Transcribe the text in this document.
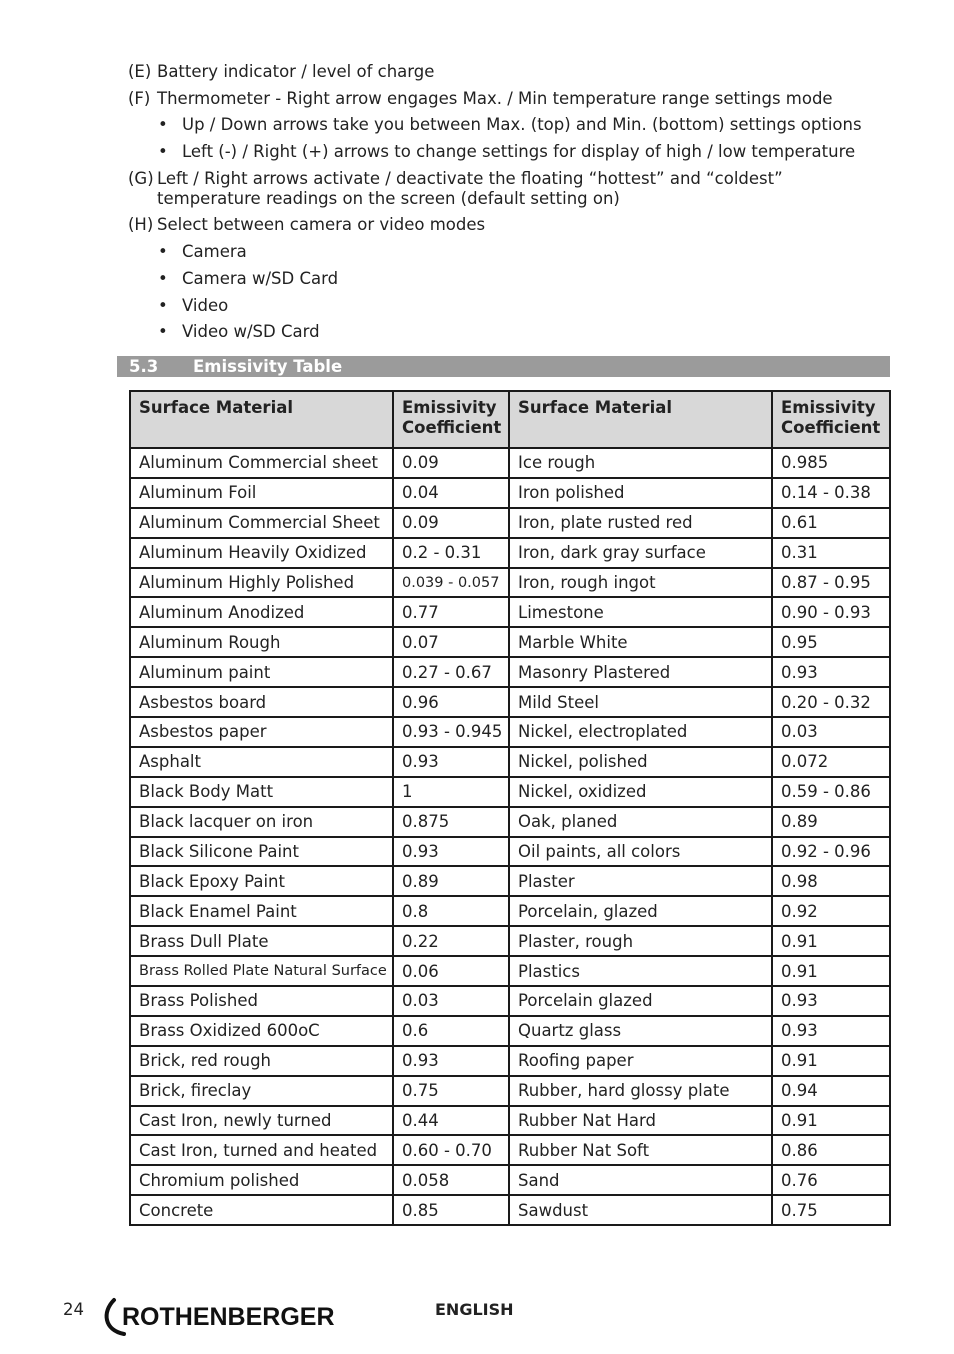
(E) Battery indicator / level of charge
(F) Thermometer - Right arrow engages Max. / Min temperature range settings mode
• Up / Down arrows take you between Max. (top) and Min. (bottom) settings options
• Left (-) / Right (+) arrows to change settings for display of high / low temperature
(G) Left / Right arrows activate / deactivate the floating “hottest” and “coldest” temperature readings on the screen (default setting on)
(H) Select between camera or video modes
• Camera
• Camera w/SD Card
• Video
• Video w/SD Card
5.3 Emissivity Table
Surface Material	Emissivity Coefficient	Surface Material	Emissivity Coefficient
Aluminum Commercial sheet	0.09	Ice rough	0.985
Aluminum Foil	0.04	Iron polished	0.14 - 0.38
Aluminum Commercial Sheet	0.09	Iron, plate rusted red	0.61
Aluminum Heavily Oxidized	0.2 - 0.31	Iron, dark gray surface	0.31
Aluminum Highly Polished	0.039 - 0.057	Iron, rough ingot	0.87 - 0.95
Aluminum Anodized	0.77	Limestone	0.90 - 0.93
Aluminum Rough	0.07	Marble White	0.95
Aluminum paint	0.27 - 0.67	Masonry Plastered	0.93
Asbestos board	0.96	Mild Steel	0.20 - 0.32
Asbestos paper	0.93 - 0.945	Nickel, electroplated	0.03
Asphalt	0.93	Nickel, polished	0.072
Black Body Matt	1	Nickel, oxidized	0.59 - 0.86
Black lacquer on iron	0.875	Oak, planed	0.89
Black Silicone Paint	0.93	Oil paints, all colors	0.92 - 0.96
Black Epoxy Paint	0.89	Plaster	0.98
Black Enamel Paint	0.8	Porcelain, glazed	0.92
Brass Dull Plate	0.22	Plaster, rough	0.91
Brass Rolled Plate Natural Surface	0.06	Plastics	0.91
Brass Polished	0.03	Porcelain glazed	0.93
Brass Oxidized 600oC	0.6	Quartz glass	0.93
Brick, red rough	0.93	Roofing paper	0.91
Brick, fireclay	0.75	Rubber, hard glossy plate	0.94
Cast Iron, newly turned	0.44	Rubber Nat Hard	0.91
Cast Iron, turned and heated	0.60 - 0.70	Rubber Nat Soft	0.86
Chromium polished	0.058	Sand	0.76
Concrete	0.85	Sawdust	0.75
24 ROTHENBERGER	ENGLISH
